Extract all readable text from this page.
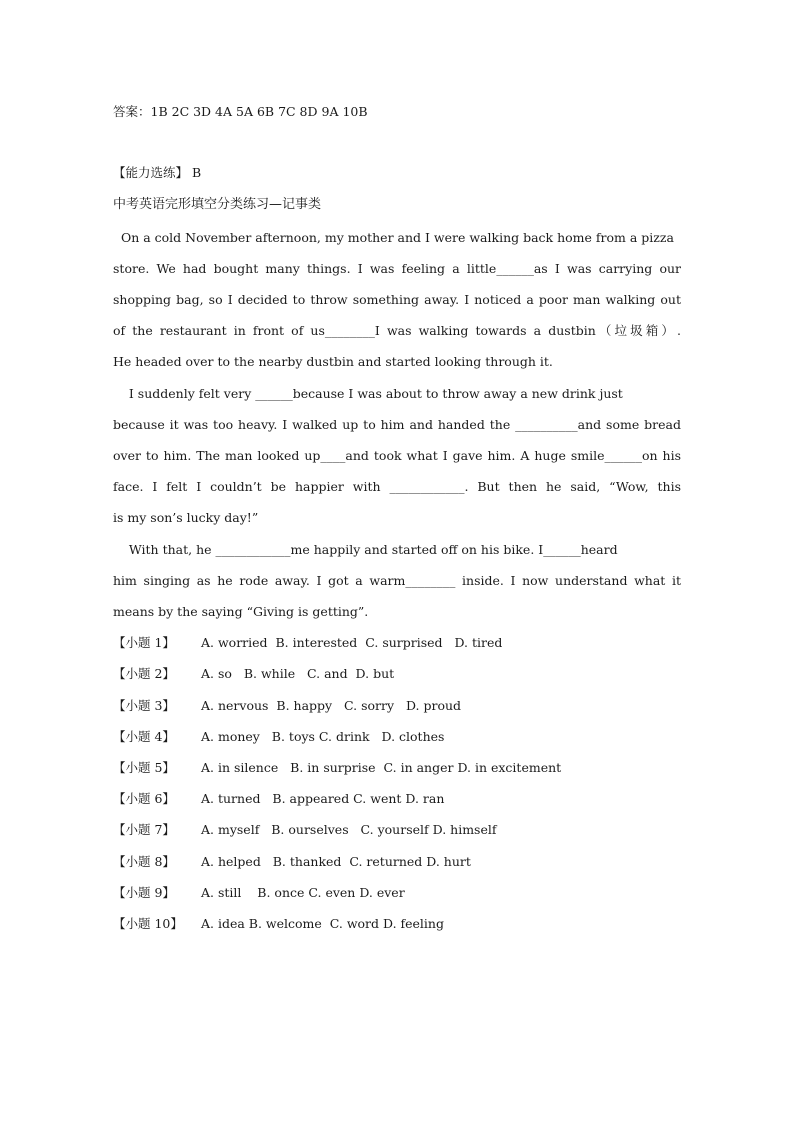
答案：1B 2C 3D 4A 5A 6B 7C 8D 9A 10B
【能力选练】 B
中考英语完形填空分类练习—记事类
On a cold November afternoon, my mother and I were walking back home from a pizza
store. We had bought many things. I was feeling a little______as I was carrying our
shopping bag, so I decided to throw something away. I noticed a poor man walking out
of the restaurant in front of us________I was walking towards a dustbin（垃圾箱）.
He headed over to the nearby dustbin and started looking through it.
I suddenly felt very ______because I was about to throw away a new drink just
because it was too heavy. I walked up to him and handed the __________and some bread
over to him. The man looked up____and took what I gave him. A huge smile______on his
face. I felt I couldn’t be happier with ____________. But then he said, “Wow, this
is my son’s lucky day!”
With that, he ____________me happily and started off on his bike. I______heard
him singing as he rode away. I got a warm________ inside. I now understand what it
means by the saying “Giving is getting”.
【小题 1】	A. worried  B. interested  C. surprised   D. tired
【小题 2】	A. so   B. while   C. and  D. but
【小题 3】	A. nervous  B. happy   C. sorry   D. proud
【小题 4】	A. money   B. toys C. drink   D. clothes
【小题 5】	A. in silence   B. in surprise  C. in anger D. in excitement
【小题 6】	A. turned   B. appeared C. went D. ran
【小题 7】	A. myself   B. ourselves   C. yourself D. himself
【小题 8】	A. helped   B. thanked  C. returned D. hurt
【小题 9】	A. still    B. once C. even D. ever
【小题 10】	A. idea B. welcome  C. word D. feeling
